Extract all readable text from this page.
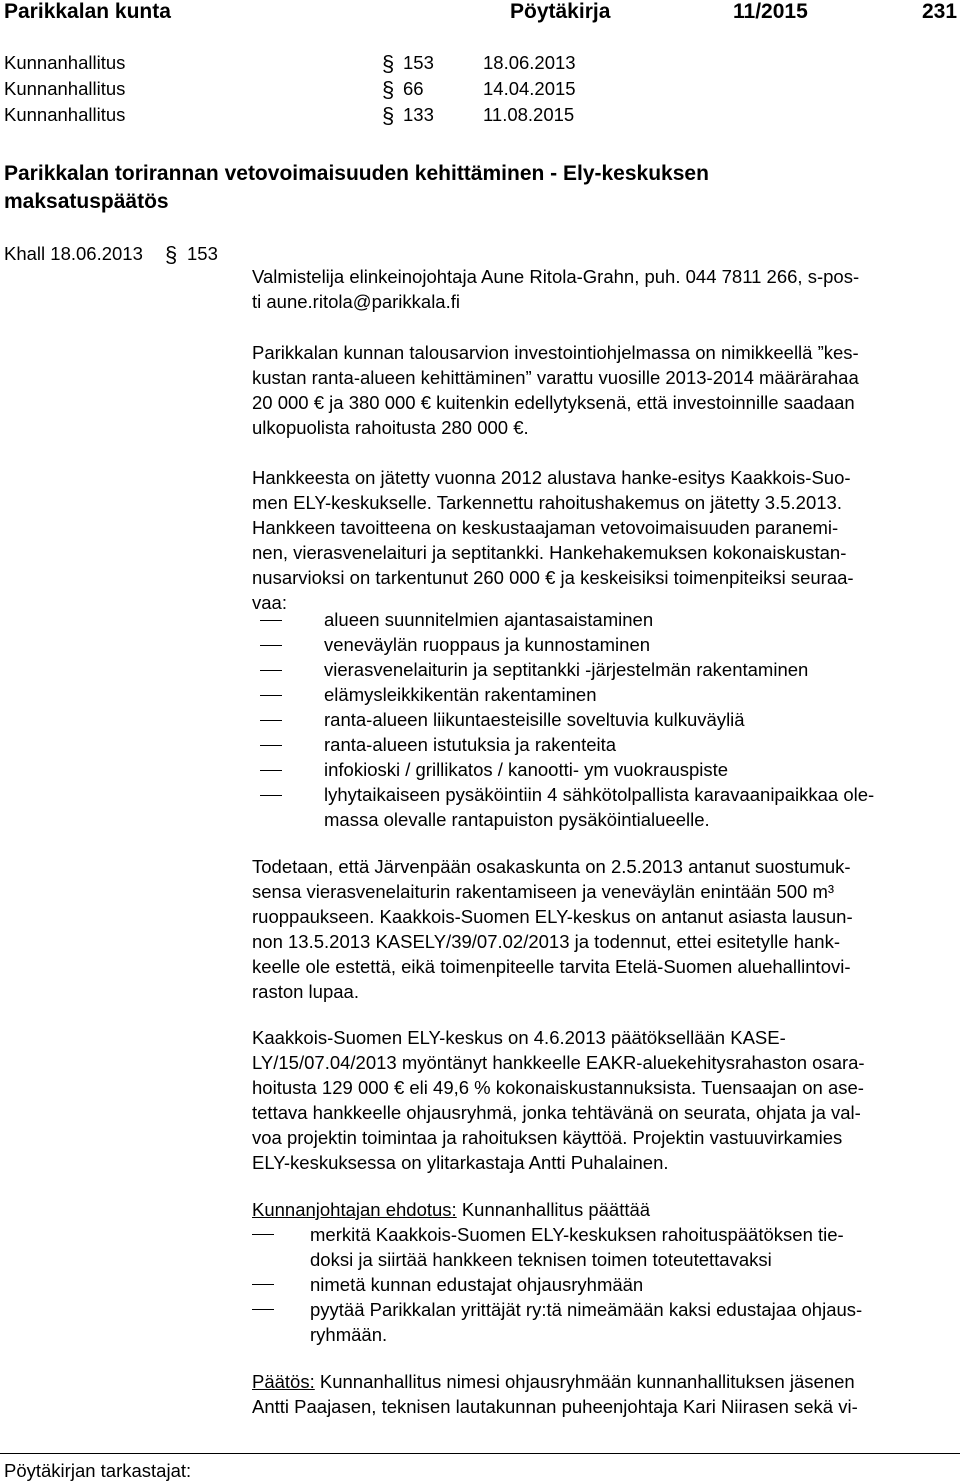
Parikkalan kunta	Pöytäkirja	11/2015	231
Kunnanhallitus	§ 153	18.06.2013
Kunnanhallitus	§ 66	14.04.2015
Kunnanhallitus	§ 133	11.08.2015
Parikkalan torirannan vetovoimaisuuden kehittäminen - Ely-keskuksen
maksatuspäätös
Khall 18.06.2013 § 153

Valmistelija elinkeinojohtaja Aune Ritola-Grahn, puh. 044 7811 266, s-pos-
ti aune.ritola@parikkala.fi

Parikkalan kunnan talousarvion investointiohjelmassa on nimikkeellä ”kes-
kustan ranta-alueen kehittäminen” varattu vuosille 2013-2014 määrärahaa
20 000 € ja 380 000 € kuitenkin edellytyksenä, että investoinnille saadaan
ulkopuolista rahoitusta 280 000 €.

Hankkeesta on jätetty vuonna 2012 alustava hanke-esitys Kaakkois-Suo-
men ELY-keskukselle. Tarkennettu rahoitushakemus on jätetty 3.5.2013.
Hankkeen tavoitteena on keskustaajaman vetovoimaisuuden paranemi-
nen, vierasvenelaituri ja septitankki. Hankehakemuksen kokonaiskustan-
nusarvioksi on tarkentunut 260 000 € ja keskeisiksi toimenpiteiksi seuraa-
vaa:

alueen suunnitelmien ajantasaistaminen
veneväylän ruoppaus ja kunnostaminen
vierasvenelaiturin ja septitankki -järjestelmän rakentaminen
elämysleikkikentän rakentaminen
ranta-alueen liikuntaesteisille soveltuvia kulkuväyliä
ranta-alueen istutuksia ja rakenteita
infokioski / grillikatos / kanootti- ym vuokrauspiste
lyhytaikaiseen pysäköintiin 4 sähkötolpallista karavaanipaikkaa ole-
massa olevalle rantapuiston pysäköintialueelle.

Todetaan, että Järvenpään osakaskunta on 2.5.2013 antanut suostumuk-
sensa vierasvenelaiturin rakentamiseen ja veneväylän enintään 500 m³
ruoppaukseen. Kaakkois-Suomen ELY-keskus on antanut asiasta lausun-
non 13.5.2013 KASELY/39/07.02/2013 ja todennut, ettei esitetylle hank-
keelle ole estettä, eikä toimenpiteelle tarvita Etelä-Suomen aluehallintovi-
raston lupaa.

Kaakkois-Suomen ELY-keskus on 4.6.2013 päätöksellään KASE-
LY/15/07.04/2013 myöntänyt hankkeelle EAKR-aluekehitysrahaston osara-
hoitusta 129 000 € eli 49,6 % kokonaiskustannuksista. Tuensaajan on ase-
tettava hankkeelle ohjausryhmä, jonka tehtävänä on seurata, ohjata ja val-
voa projektin toimintaa ja rahoituksen käyttöä. Projektin vastuuvirkamies
ELY-keskuksessa on ylitarkastaja Antti Puhalainen.

Kunnanjohtajan ehdotus: Kunnanhallitus päättää
merkitä Kaakkois-Suomen ELY-keskuksen rahoituspäätöksen tie-
doksi ja siirtää hankkeen teknisen toimen toteutettavaksi
nimetä kunnan edustajat ohjausryhmään
pyytää Parikkalan yrittäjät ry:tä nimeämään kaksi edustajaa ohjaus-
ryhmään.
Päätös: Kunnanhallitus nimesi ohjausryhmään kunnanhallituksen jäsenen
Antti Paajasen, teknisen lautakunnan puheenjohtaja Kari Niirasen sekä vi-
Pöytäkirjan tarkastajat:
